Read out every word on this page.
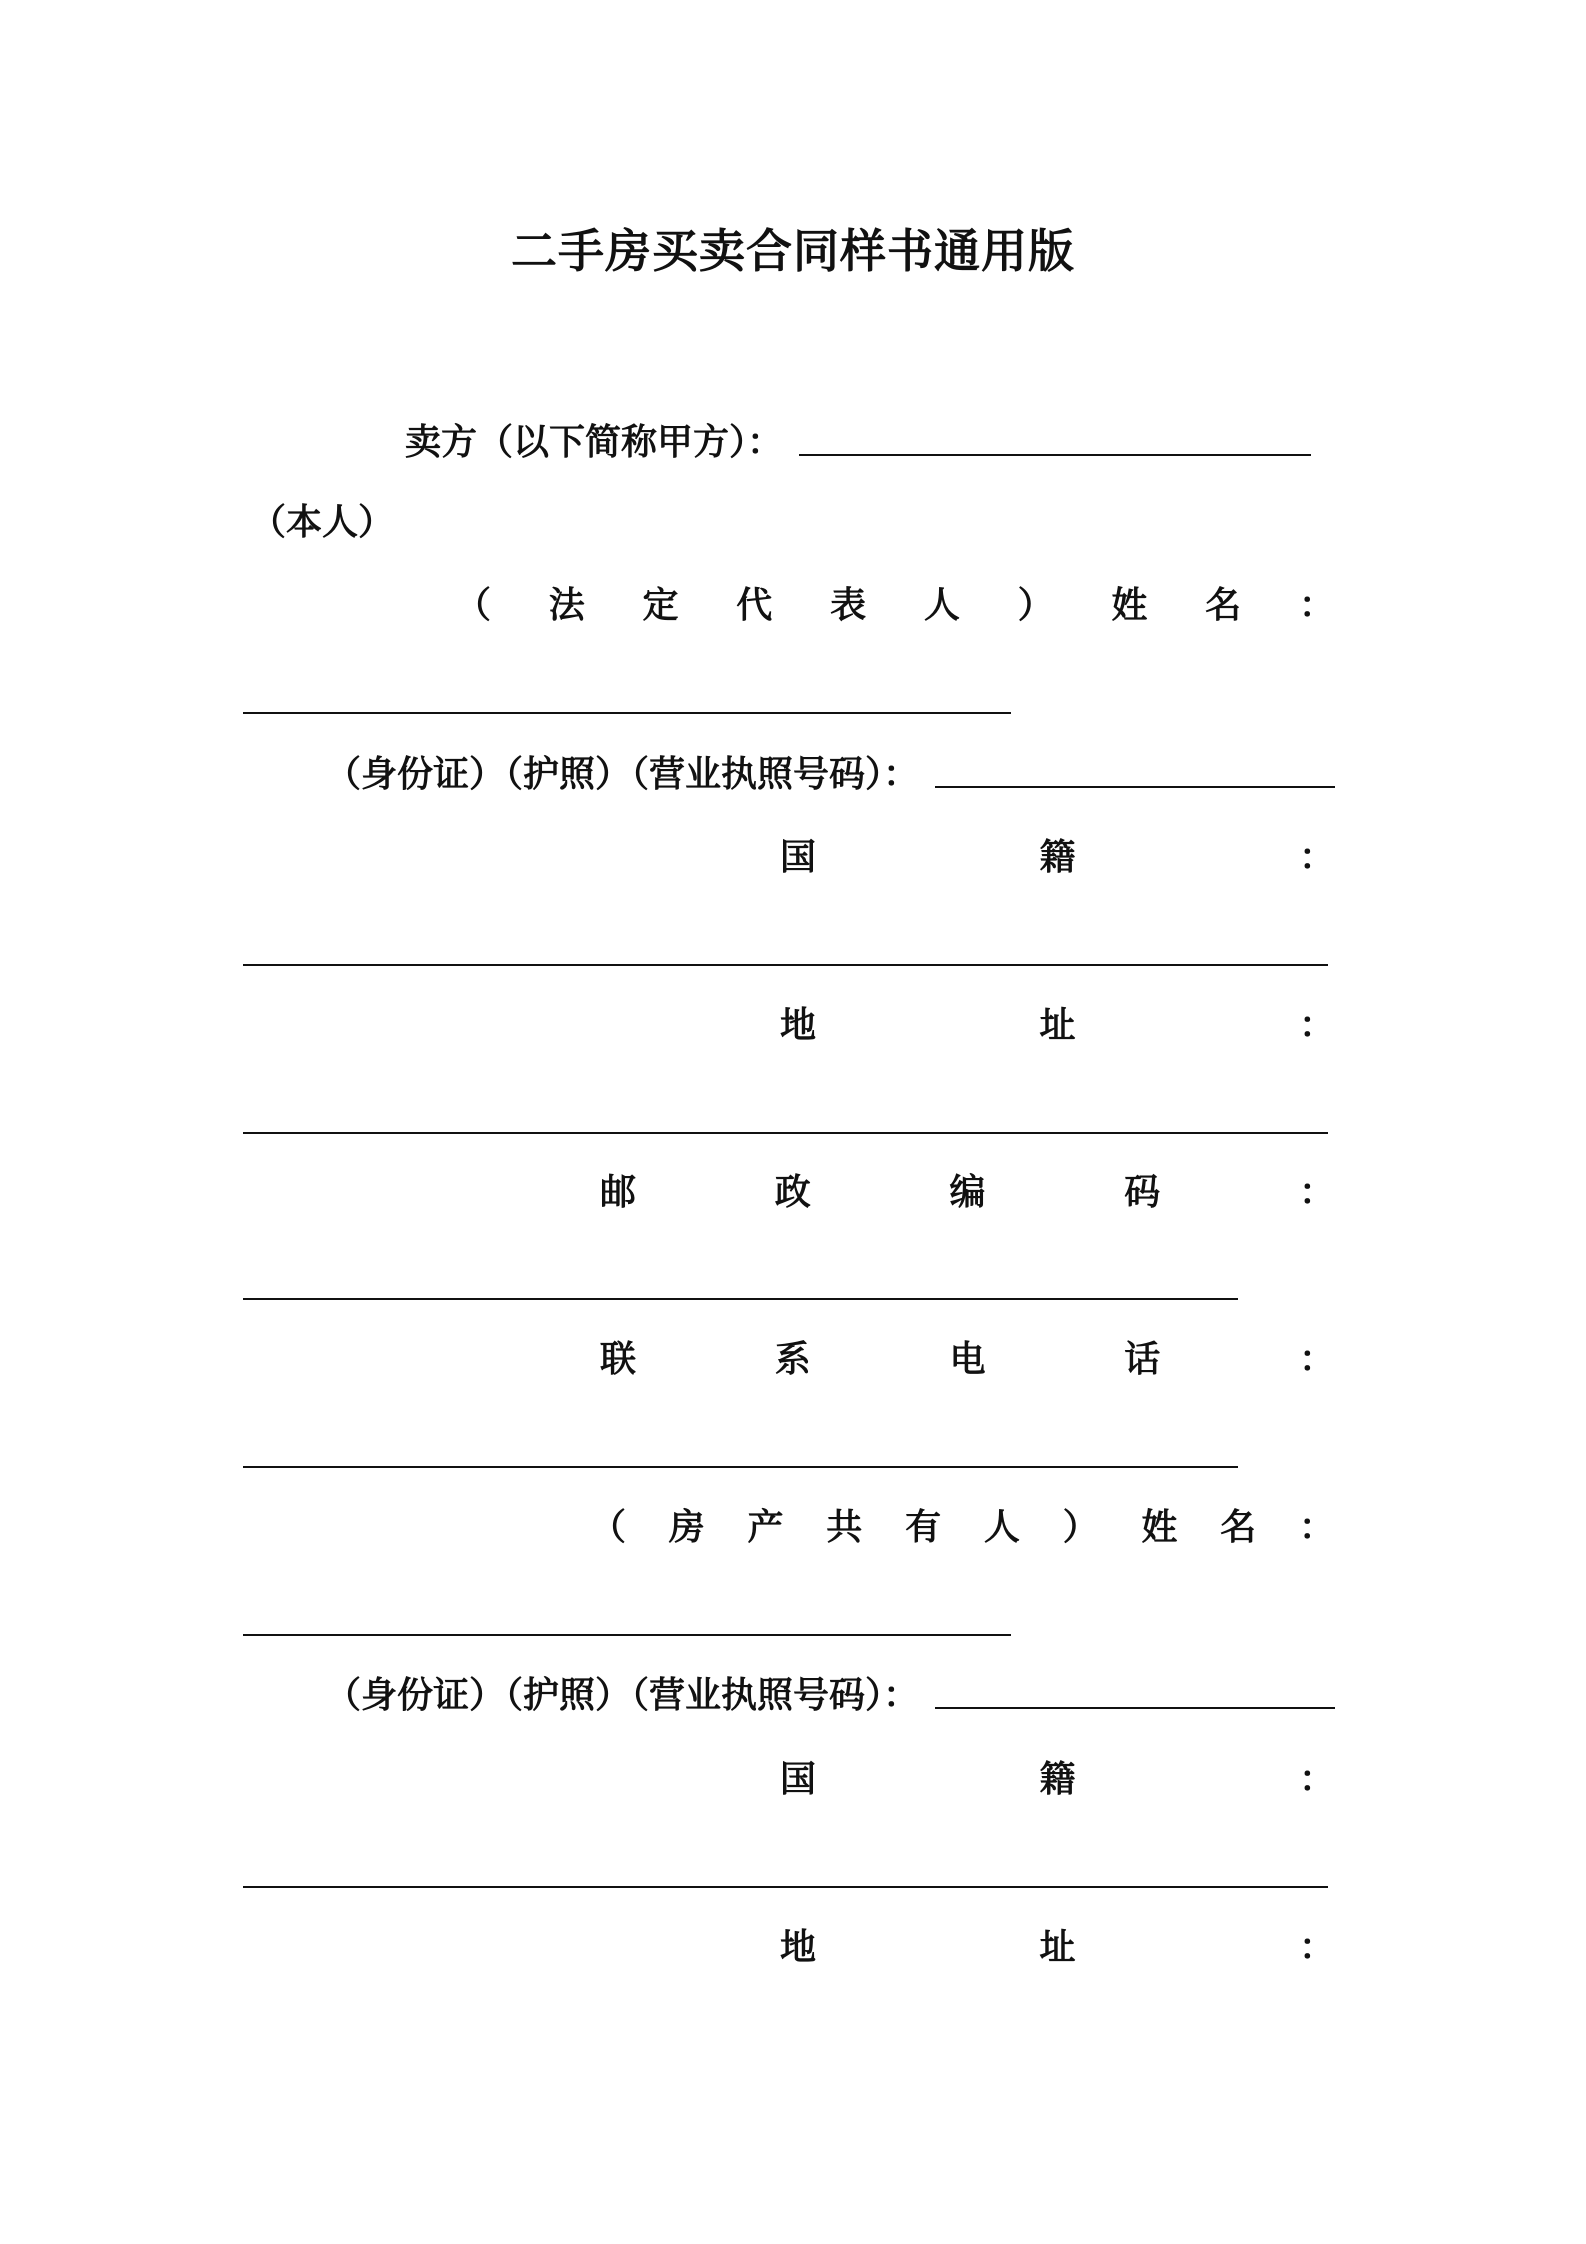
二手房买卖合同样书通用版
卖方（以下简称甲方）：
（本人）
（ 法 定 代 表 人 ） 姓 名 ：
（身份证）（护照）（营业执照号码）：
国	籍	：
地	址	：
邮	政	编	码	：
联	系	电	话	：
（ 房 产 共 有 人 ） 姓 名 ：
（身份证）（护照）（营业执照号码）：
国	籍	：
地	址	：
